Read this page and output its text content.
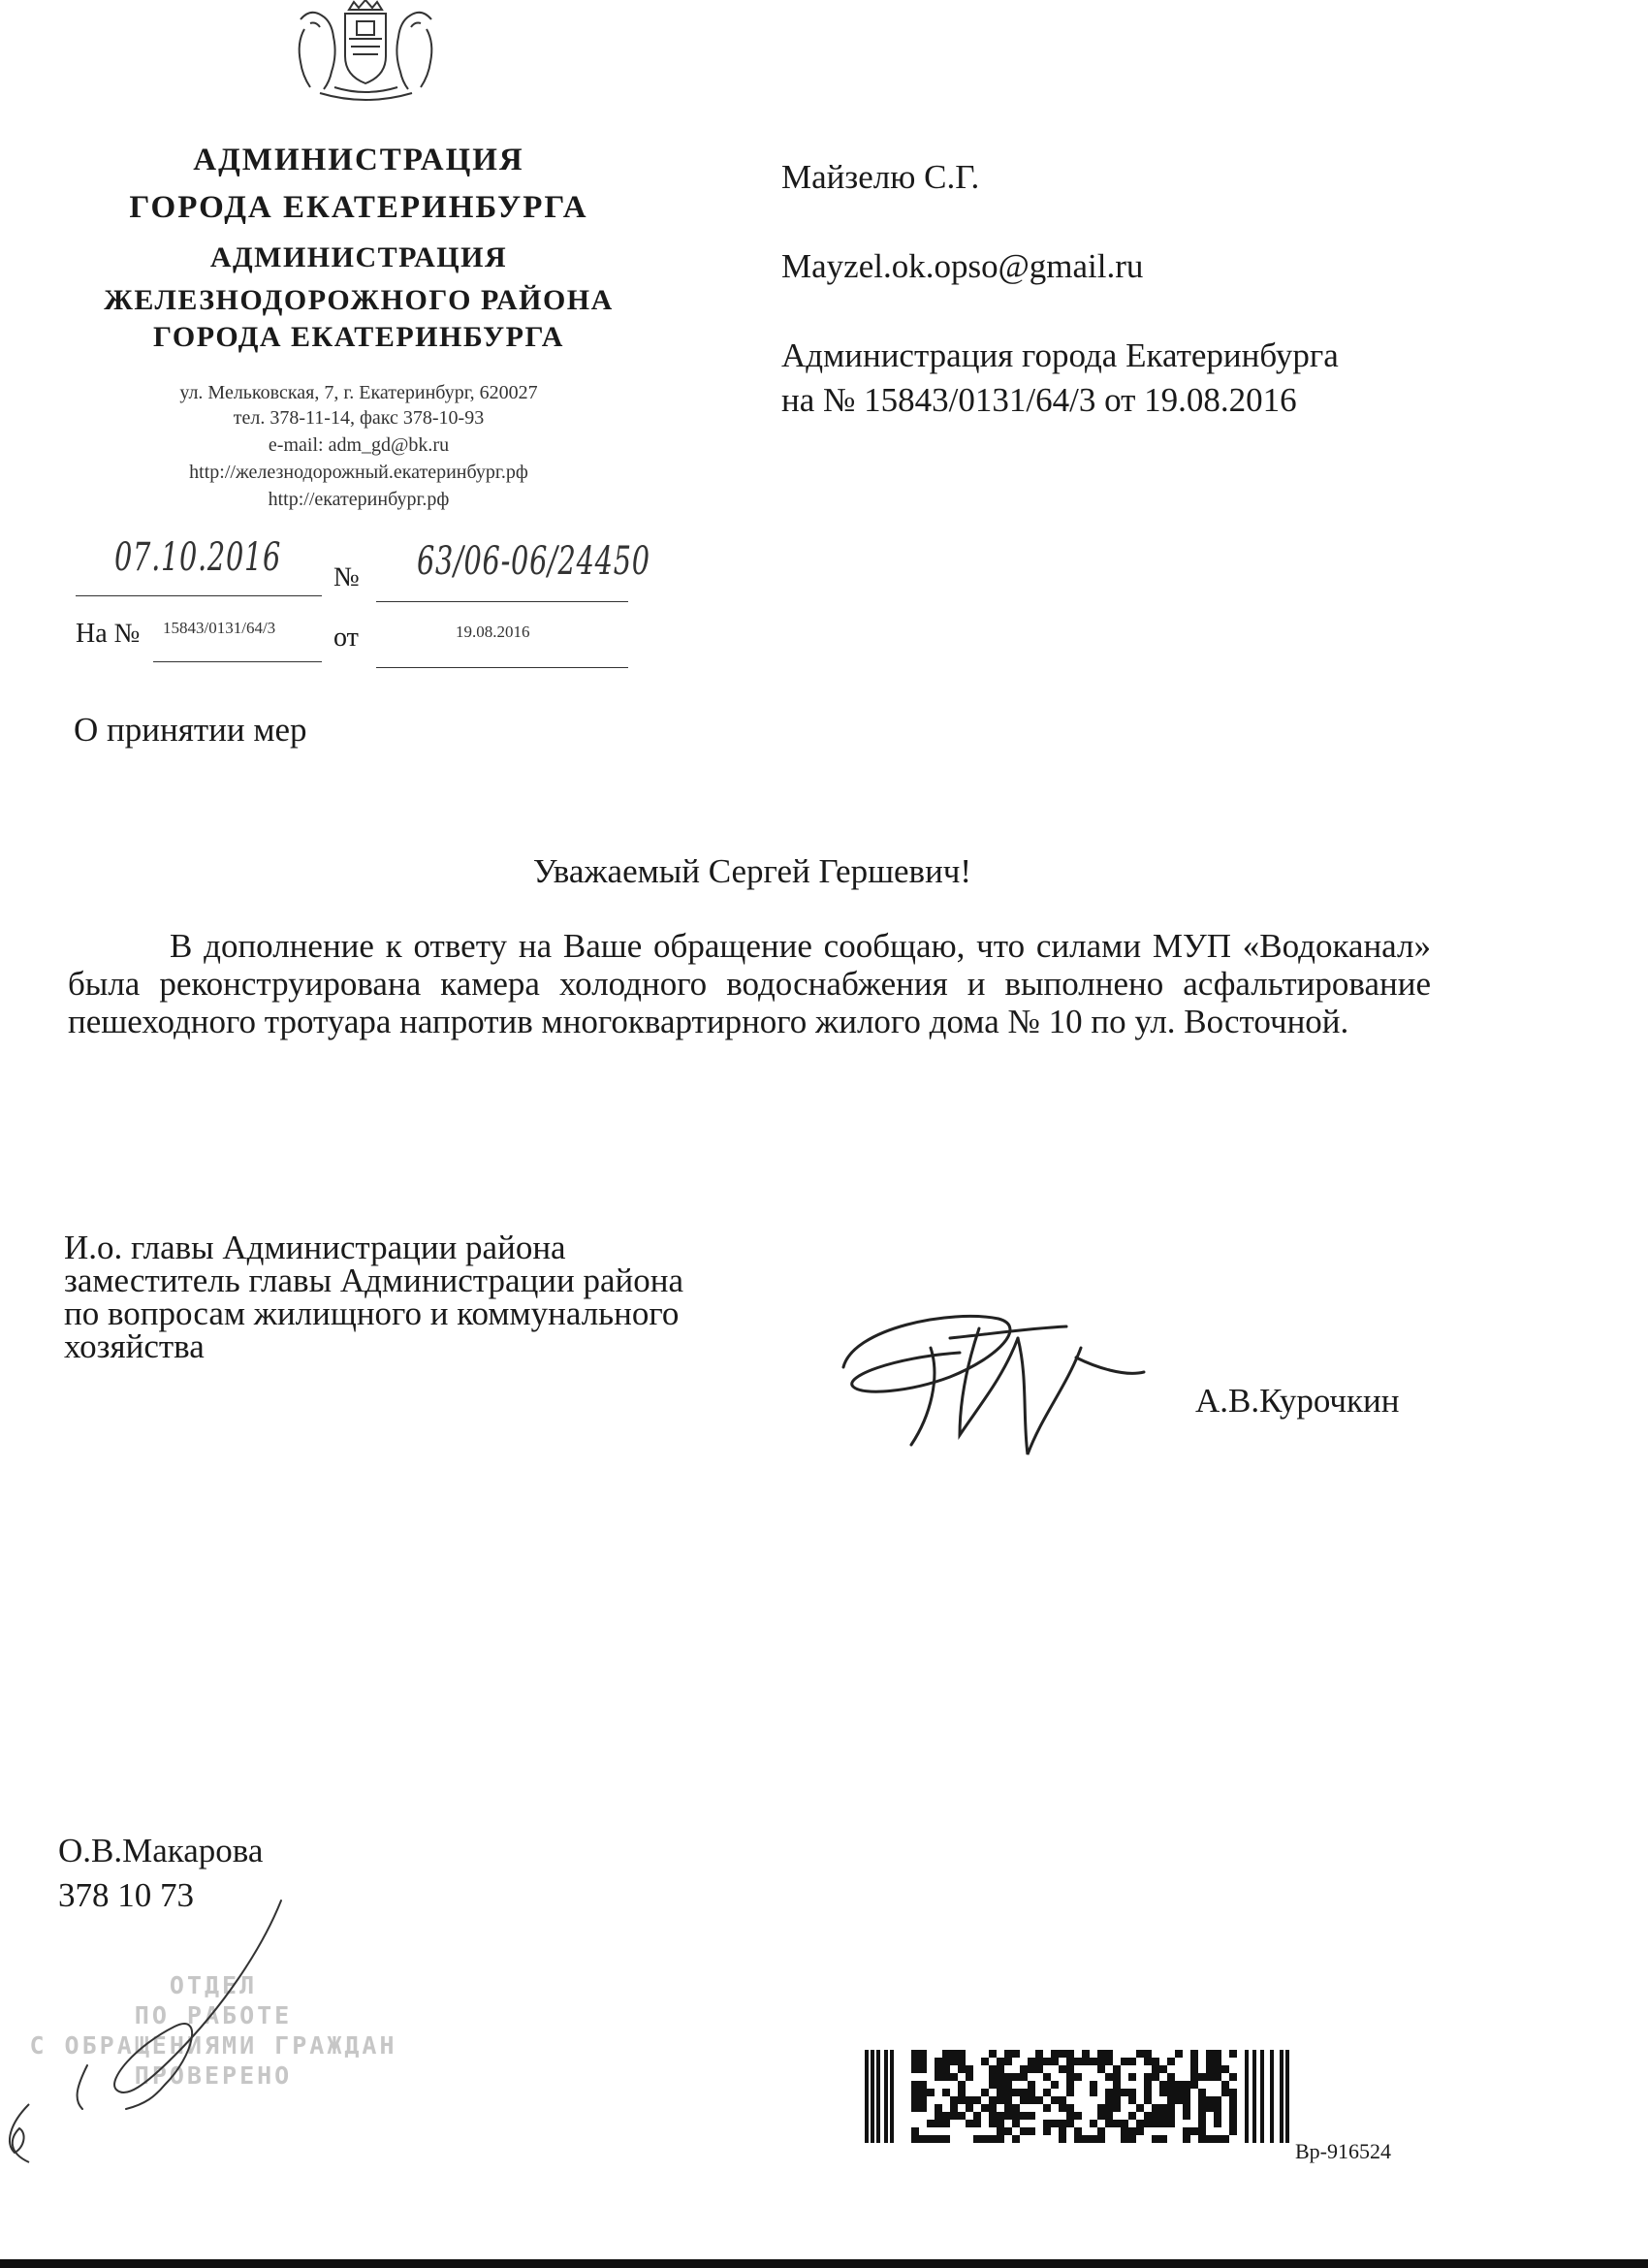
АДМИНИСТРАЦИЯ
ГОРОДА ЕКАТЕРИНБУРГА
АДМИНИСТРАЦИЯ
ЖЕЛЕЗНОДОРОЖНОГО РАЙОНА
ГОРОДА ЕКАТЕРИНБУРГА
ул. Мельковская, 7, г. Екатеринбург, 620027
тел. 378-11-14, факс 378-10-93
e-mail: adm_gd@bk.ru
http://железнодорожный.екатеринбург.рф
http://екатеринбург.рф
07.10.2016 № 63/06-06/24450
На № 15843/0131/64/3 от	19.08.2016
Майзелю С.Г.
Mayzel.ok.opso@gmail.ru
Администрация города Екатеринбурга
на № 15843/0131/64/3 от 19.08.2016
О принятии мер
Уважаемый Сергей Гершевич!

В дополнение к ответу на Ваше обращение сообщаю, что силами МУП «Водоканал» была реконструирована камера холодного водоснабжения и выполнено асфальтирование пешеходного тротуара напротив многоквартирного жилого дома № 10 по ул. Восточной.

И.о. главы Администрации района
заместитель главы Администрации района
по вопросам жилищного и коммунального
хозяйства
А.В.Курочкин
О.В.Макарова
378 10 73
ОТДЕЛ
ПО РАБОТЕ
С ОБРАЩЕНИЯМИ ГРАЖДАН
ПРОВЕРЕНО
Вр-916524
